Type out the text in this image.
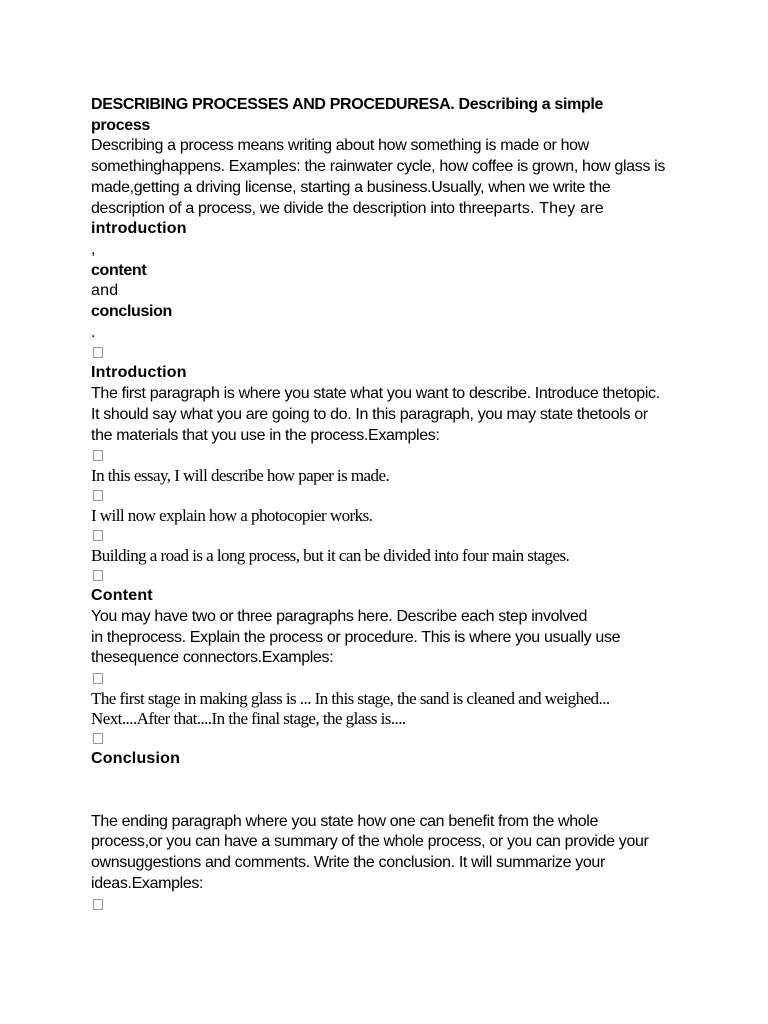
DESCRIBING PROCESSES AND PROCEDURESA. Describing a simple

process

Describing a process means writing about how something is made or how

somethinghappens. Examples: the rainwater cycle, how coffee is grown, how glass is

made,getting a driving license, starting a business.Usually, when we write the

description of a process, we divide the description into threeparts. They are

introduction

,

content

and

conclusion

.

Introduction

The first paragraph is where you state what you want to describe. Introduce thetopic.

It should say what you are going to do. In this paragraph, you may state thetools or

the materials that you use in the process.Examples:

In this essay, I will describe how paper is made.

I will now explain how a photocopier works.

Building a road is a long process, but it can be divided into four main stages.

Content

You may have two or three paragraphs here. Describe each step involved

in theprocess. Explain the process or procedure. This is where you usually use

thesequence connectors.Examples:

The first stage in making glass is ... In this stage, the sand is cleaned and weighed...

Next....After that....In the final stage, the glass is....

Conclusion

The ending paragraph where you state how one can benefit from the whole

process,or you can have a summary of the whole process, or you can provide your

ownsuggestions and comments. Write the conclusion. It will summarize your

ideas.Examples:
